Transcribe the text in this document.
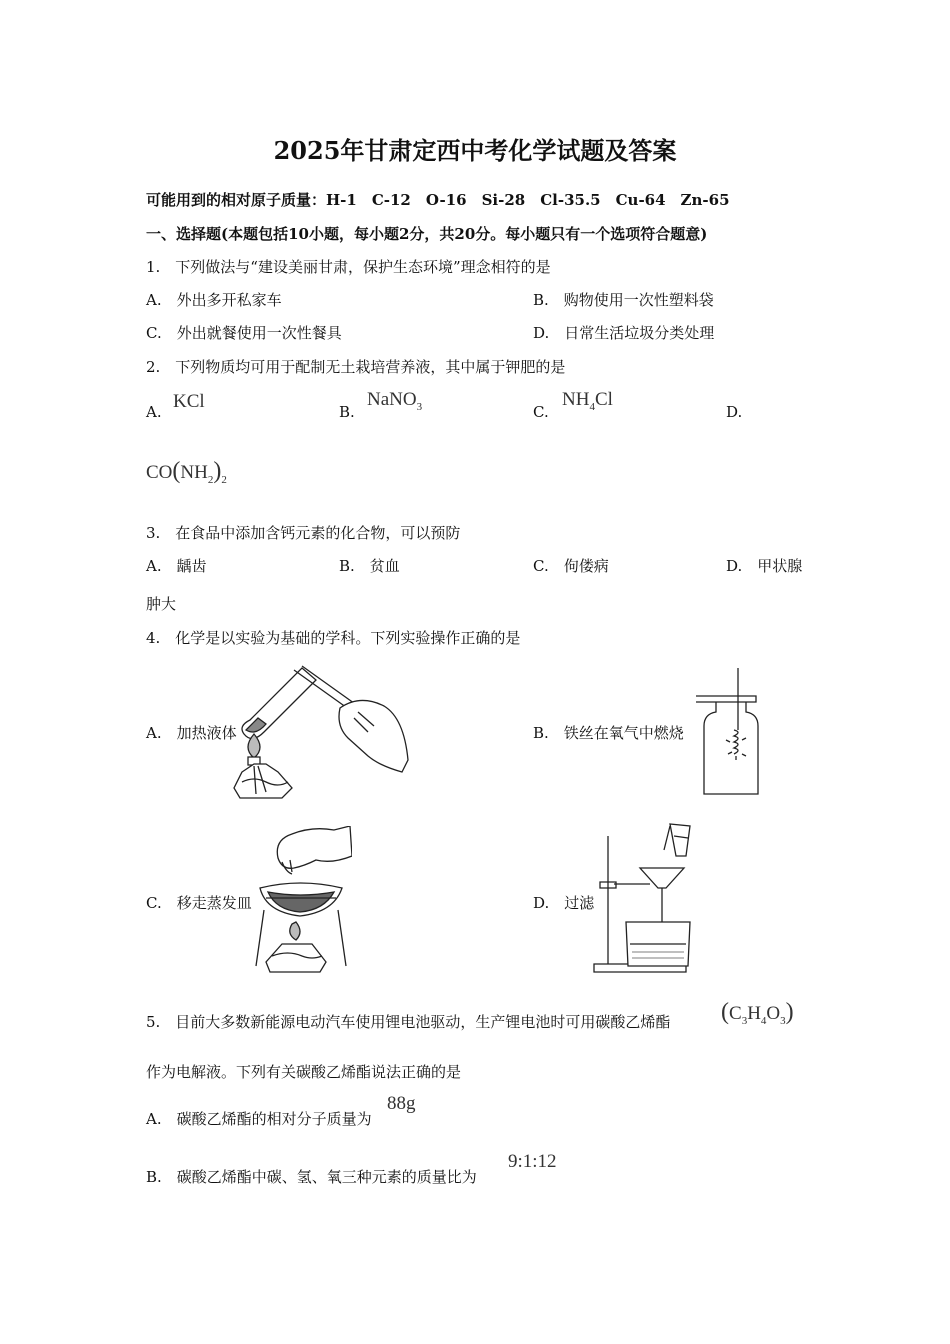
2025年甘肃定西中考化学试题及答案
可能用到的相对原子质量：H-1　C-12　O-16　Si-28　Cl-35.5　Cu-64　Zn-65
一、选择题(本题包括10小题，每小题2分，共20分。每小题只有一个选项符合题意)
1.　下列做法与“建设美丽甘肃，保护生态环境”理念相符的是
A.　外出多开私家车	B.　购物使用一次性塑料袋
C.　外出就餐使用一次性餐具	D.　日常生活垃圾分类处理
2.　下列物质均可用于配制无土栽培营养液，其中属于钾肥的是
A. KCl	B.
NaNO$_3$	C.
$NH_4Cl$
D.
$CO(NH_2)_2$
3.　在食品中添加含钙元素的化合物，可以预防
A.　龋齿	B.　贫血	C.　佝偻病	D.　甲状腺
肿大
4.　化学是以实验为基础的学科。下列实验操作正确的是
A.　加热液体	B.　铁丝在氧气中燃烧
C.　移走蒸发皿	D.　过滤
5.　目前大多数新能源电动汽车使用锂电池驱动，生产锂电池时可用碳酸乙烯酯 $(C_3H_4O_3)$
作为电解液。下列有关碳酸乙烯酯说法正确的是
A.　碳酸乙烯酯的相对分子质量为
88g
B.　碳酸乙烯酯中碳、氢、氧三种元素的质量比为
9:1:12
